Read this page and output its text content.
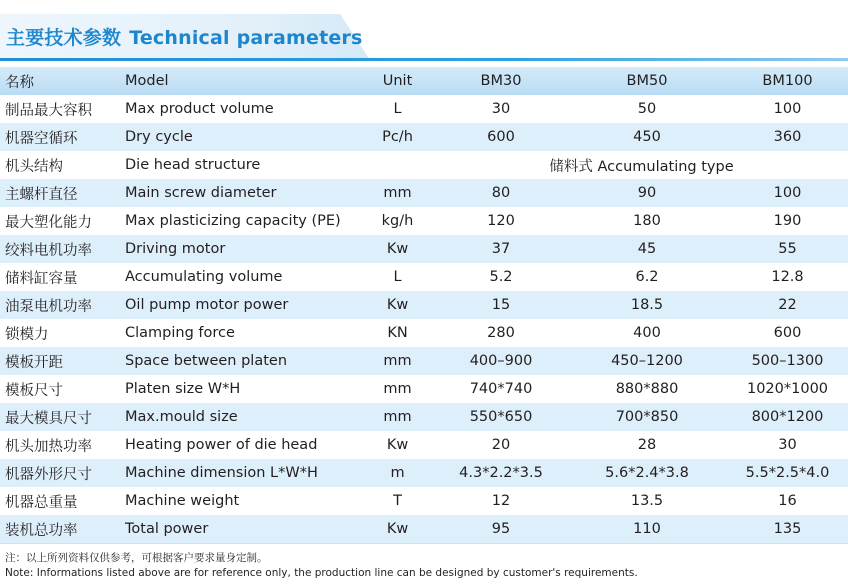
主要技术参数 Technical parameters
名称	Model	Unit	BM30	BM50	BM100
制品最大容积	Max product volume	L	30	50	100
机器空循环	Dry cycle	Pc/h	600	450	360
机头结构	Die head structure		储料式 Accumulating type		
主螺杆直径	Main screw diameter	mm	80	90	100
最大塑化能力	Max plasticizing capacity (PE)	kg/h	120	180	190
绞料电机功率	Driving motor	Kw	37	45	55
储料缸容量	Accumulating volume	L	5.2	6.2	12.8
油泵电机功率	Oil pump motor power	Kw	15	18.5	22
锁模力	Clamping force	KN	280	400	600
模板开距	Space between platen	mm	400–900	450–1200	500–1300
模板尺寸	Platen size W*H	mm	740*740	880*880	1020*1000
最大模具尺寸	Max.mould size	mm	550*650	700*850	800*1200
机头加热功率	Heating power of die head	Kw	20	28	30
机器外形尺寸	Machine dimension L*W*H	m	4.3*2.2*3.5	5.6*2.4*3.8	5.5*2.5*4.0
机器总重量	Machine weight	T	12	13.5	16
装机总功率	Total power	Kw	95	110	135
注：以上所列资料仅供参考，可根据客户要求量身定制。
Note: Informations listed above are for reference only, the production line can be designed by customer's requirements.
